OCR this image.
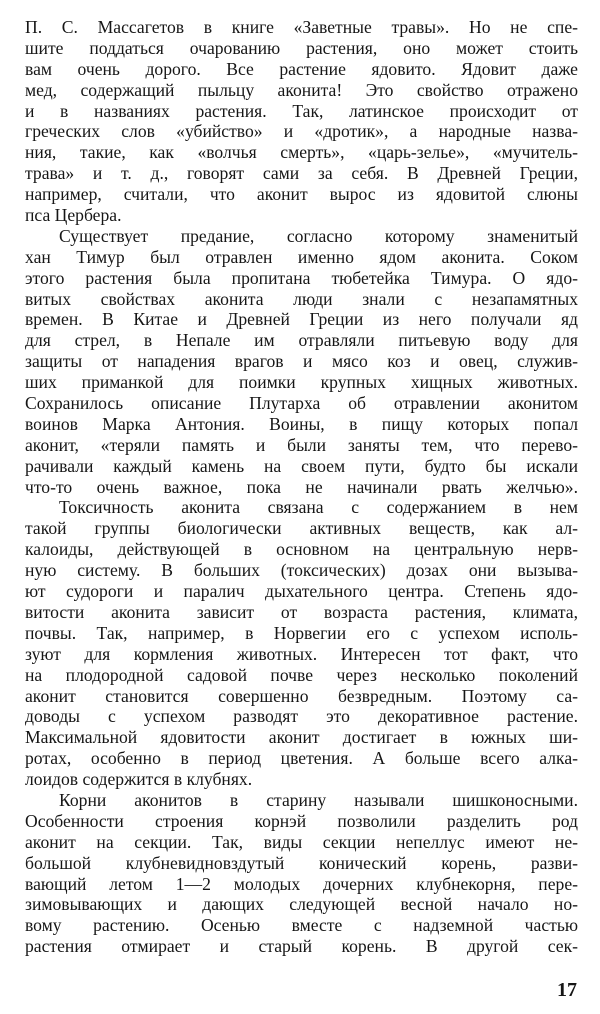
П. С. Массагетов в книге «Заветные травы». Но не спе-
шите поддаться очарованию растения, оно может стоить
вам очень дорого. Все растение ядовито. Ядовит даже
мед, содержащий пыльцу аконита! Это свойство отражено
и в названиях растения. Так, латинское происходит от
греческих слов «убийство» и «дротик», а народные назва-
ния, такие, как «волчья смерть», «царь-зелье», «мучитель-
трава» и т. д., говорят сами за себя. В Древней Греции,
например, считали, что аконит вырос из ядовитой слюны
пса Цербера.
Существует предание, согласно которому знаменитый
хан Тимур был отравлен именно ядом аконита. Соком
этого растения была пропитана тюбетейка Тимура. О ядо-
витых свойствах аконита люди знали с незапамятных
времен. В Китае и Древней Греции из него получали яд
для стрел, в Непале им отравляли питьевую воду для
защиты от нападения врагов и мясо коз и овец, служив-
ших приманкой для поимки крупных хищных животных.
Сохранилось описание Плутарха об отравлении аконитом
воинов Марка Антония. Воины, в пищу которых попал
аконит, «теряли память и были заняты тем, что перево-
рачивали каждый камень на своем пути, будто бы искали
что-то очень важное, пока не начинали рвать желчью».
Токсичность аконита связана с содержанием в нем
такой группы биологически активных веществ, как ал-
калоиды, действующей в основном на центральную нерв-
ную систему. В больших (токсических) дозах они вызыва-
ют судороги и паралич дыхательного центра. Степень ядо-
витости аконита зависит от возраста растения, климата,
почвы. Так, например, в Норвегии его с успехом исполь-
зуют для кормления животных. Интересен тот факт, что
на плодородной садовой почве через несколько поколений
аконит становится совершенно безвредным. Поэтому са-
доводы с успехом разводят это декоративное растение.
Максимальной ядовитости аконит достигает в южных ши-
ротах, особенно в период цветения. А больше всего алка-
лоидов содержится в клубнях.
Корни аконитов в старину называли шишконосными.
Особенности строения корнэй позволили разделить род
аконит на секции. Так, виды секции непеллус имеют не-
большой клубневидновздутый конический корень, разви-
вающий летом 1—2 молодых дочерних клубнекорня, пере-
зимовывающих и дающих следующей весной начало но-
вому растению. Осенью вместе с надземной частью
растения отмирает и старый корень. В другой сек-
17
